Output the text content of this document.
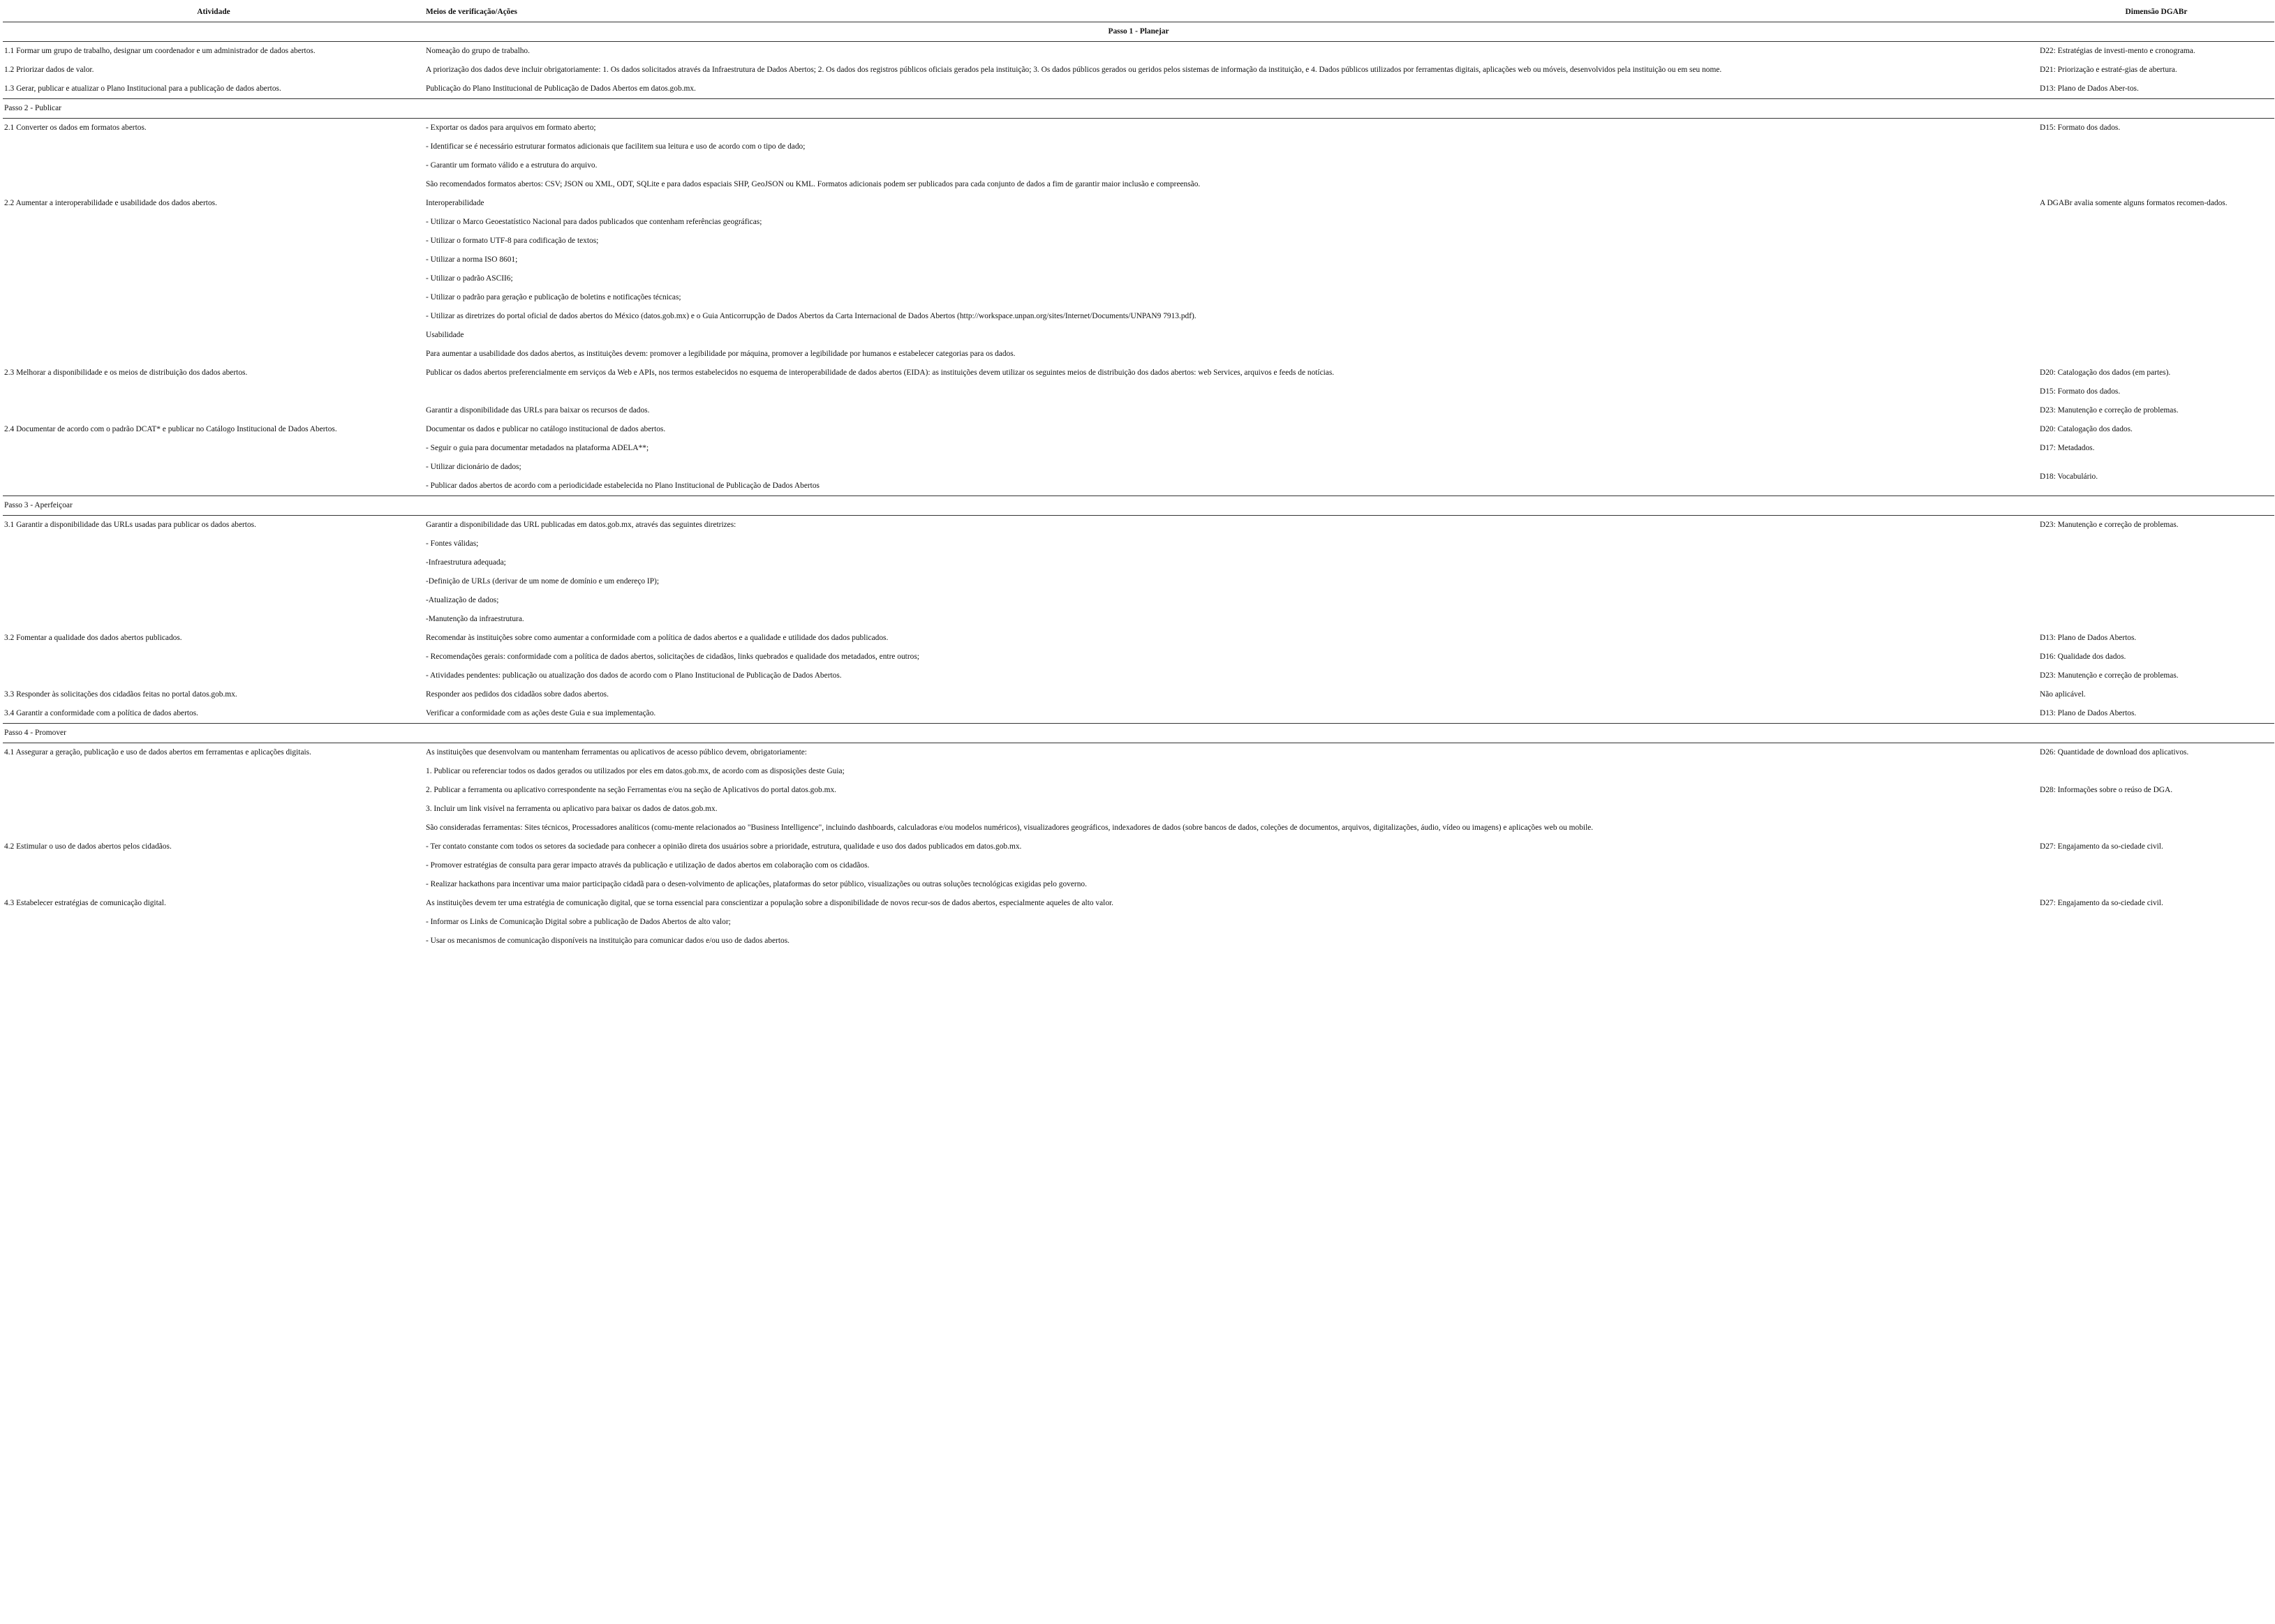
Atividade	Meios de verificação/Ações	Dimensão DGABr
Passo 1 - Planejar		
1.1 Formar um grupo de trabalho, designar um coordenador e um administrador de dados abertos.	Nomeação do grupo de trabalho.	D22: Estratégias de investi-mento e cronograma.
1.2 Priorizar dados de valor.	A priorização dos dados deve incluir obrigatoriamente: 1. Os dados solicitados através da Infraestrutura de Dados Abertos; 2. Os dados dos registros públicos oficiais gerados pela instituição; 3. Os dados públicos gerados ou geridos pelos sistemas de informação da instituição, e 4. Dados públicos utilizados por ferramentas digitais, aplicações web ou móveis, desenvolvidos pela instituição ou em seu nome.	D21: Priorização e estraté-gias de abertura.
1.3 Gerar, publicar e atualizar o Plano Institucional para a publicação de dados abertos.	Publicação do Plano Institucional de Publicação de Dados Abertos em datos.gob.mx.	D13: Plano de Dados Aber-tos.
Passo 2 - Publicar		
2.1 Converter os dados em formatos abertos.	- Exportar os dados para arquivos em formato aberto;	D15: Formato dos dados.
	- Identificar se é necessário estruturar formatos adicionais que facilitem sua leitura e uso de acordo com o tipo de dado;	
	- Garantir um formato válido e a estrutura do arquivo.	
	São recomendados formatos abertos: CSV; JSON ou XML, ODT, SQLite e para dados espaciais SHP, GeoJSON ou KML. Formatos adicionais podem ser publicados para cada conjunto de dados a fim de garantir maior inclusão e compreensão.	
2.2 Aumentar a interoperabilidade e usabilidade dos dados abertos.	Interoperabilidade	A DGABr avalia somente alguns formatos recomen-dados.
	- Utilizar o Marco Geoestatístico Nacional para dados publicados que contenham referências geográficas;	
	- Utilizar o formato UTF-8 para codificação de textos;	
	- Utilizar a norma ISO 8601;	
	- Utilizar o padrão ASCII6;	
	- Utilizar o padrão para geração e publicação de boletins e notificações técnicas;	
	- Utilizar as diretrizes do portal oficial de dados abertos do México (datos.gob.mx) e o Guia Anticorrupção de Dados Abertos da Carta Internacional de Dados Abertos (http://workspace.unpan.org/sites/Internet/Documents/UNPAN9 7913.pdf).	
	Usabilidade	
	Para aumentar a usabilidade dos dados abertos, as instituições devem: promover a legibilidade por máquina, promover a legibilidade por humanos e estabelecer categorias para os dados.	
2.3 Melhorar a disponibilidade e os meios de distribuição dos dados abertos.	Publicar os dados abertos preferencialmente em serviços da Web e APIs, nos termos estabelecidos no esquema de interoperabilidade de dados abertos (EIDA): as instituições devem utilizar os seguintes meios de distribuição dos dados abertos: web Services, arquivos e feeds de notícias.	D20: Catalogação dos dados (em partes).
		D15: Formato dos dados.
	Garantir a disponibilidade das URLs para baixar os recursos de dados.	D23: Manutenção e correção de problemas.
2.4 Documentar de acordo com o padrão DCAT* e publicar no Catálogo Institucional de Dados Abertos.	Documentar os dados e publicar no catálogo institucional de dados abertos.	D20: Catalogação dos dados.
	- Seguir o guia para documentar metadados na plataforma ADELA**;	D17: Metadados.
	- Utilizar dicionário de dados;	D18: Vocabulário.
	- Publicar dados abertos de acordo com a periodicidade estabelecida no Plano Institucional de Publicação de Dados Abertos	
Passo 3 - Aperfeiçoar		
3.1 Garantir a disponibilidade das URLs usadas para publicar os dados abertos.	Garantir a disponibilidade das URL publicadas em datos.gob.mx, através das seguintes diretrizes:	D23: Manutenção e correção de problemas.
	- Fontes válidas;	
	-Infraestrutura adequada;	
	-Definição de URLs (derivar de um nome de domínio e um endereço IP);	
	-Atualização de dados;	
	-Manutenção da infraestrutura.	
3.2 Fomentar a qualidade dos dados abertos publicados.	Recomendar às instituições sobre como aumentar a conformidade com a política de dados abertos e a qualidade e utilidade dos dados publicados.	D13: Plano de Dados Abertos.
	- Recomendações gerais: conformidade com a política de dados abertos, solicitações de cidadãos, links quebrados e qualidade dos metadados, entre outros;	D16: Qualidade dos dados.
	- Atividades pendentes: publicação ou atualização dos dados de acordo com o Plano Institucional de Publicação de Dados Abertos.	D23: Manutenção e correção de problemas.
3.3 Responder às solicitações dos cidadãos feitas no portal datos.gob.mx.	Responder aos pedidos dos cidadãos sobre dados abertos.	Não aplicável.
3.4 Garantir a conformidade com a política de dados abertos.	Verificar a conformidade com as ações deste Guia e sua implementação.	D13: Plano de Dados Abertos.
Passo 4 - Promover		
4.1 Assegurar a geração, publicação e uso de dados abertos em ferramentas e aplicações digitais.	As instituições que desenvolvam ou mantenham ferramentas ou aplicativos de acesso público devem, obrigatoriamente:	D26: Quantidade de download dos aplicativos.
	1. Publicar ou referenciar todos os dados gerados ou utilizados por eles em datos.gob.mx, de acordo com as disposições deste Guia;	
	2. Publicar a ferramenta ou aplicativo correspondente na seção Ferramentas e/ou na seção de Aplicativos do portal datos.gob.mx.	D28: Informações sobre o reúso de DGA.
	3. Incluir um link visível na ferramenta ou aplicativo para baixar os dados de datos.gob.mx.	
	São consideradas ferramentas: Sites técnicos, Processadores analíticos (comu-mente relacionados ao "Business Intelligence", incluindo dashboards, calculadoras e/ou modelos numéricos), visualizadores geográficos, indexadores de dados (sobre bancos de dados, coleções de documentos, arquivos, digitalizações, áudio, vídeo ou imagens) e aplicações web ou mobile.	
4.2 Estimular o uso de dados abertos pelos cidadãos.	- Ter contato constante com todos os setores da sociedade para conhecer a opinião direta dos usuários sobre a prioridade, estrutura, qualidade e uso dos dados publicados em datos.gob.mx.	D27: Engajamento da so-ciedade civil.
	- Promover estratégias de consulta para gerar impacto através da publicação e utilização de dados abertos em colaboração com os cidadãos.	
	- Realizar hackathons para incentivar uma maior participação cidadã para o desen-volvimento de aplicações, plataformas do setor público, visualizações ou outras soluções tecnológicas exigidas pelo governo.	
4.3 Estabelecer estratégias de comunicação digital.	As instituições devem ter uma estratégia de comunicação digital, que se torna essencial para conscientizar a população sobre a disponibilidade de novos recur-sos de dados abertos, especialmente aqueles de alto valor.	D27: Engajamento da so-ciedade civil.
	- Informar os Links de Comunicação Digital sobre a publicação de Dados Abertos de alto valor;	
	- Usar os mecanismos de comunicação disponíveis na instituição para comunicar dados e/ou uso de dados abertos.	
